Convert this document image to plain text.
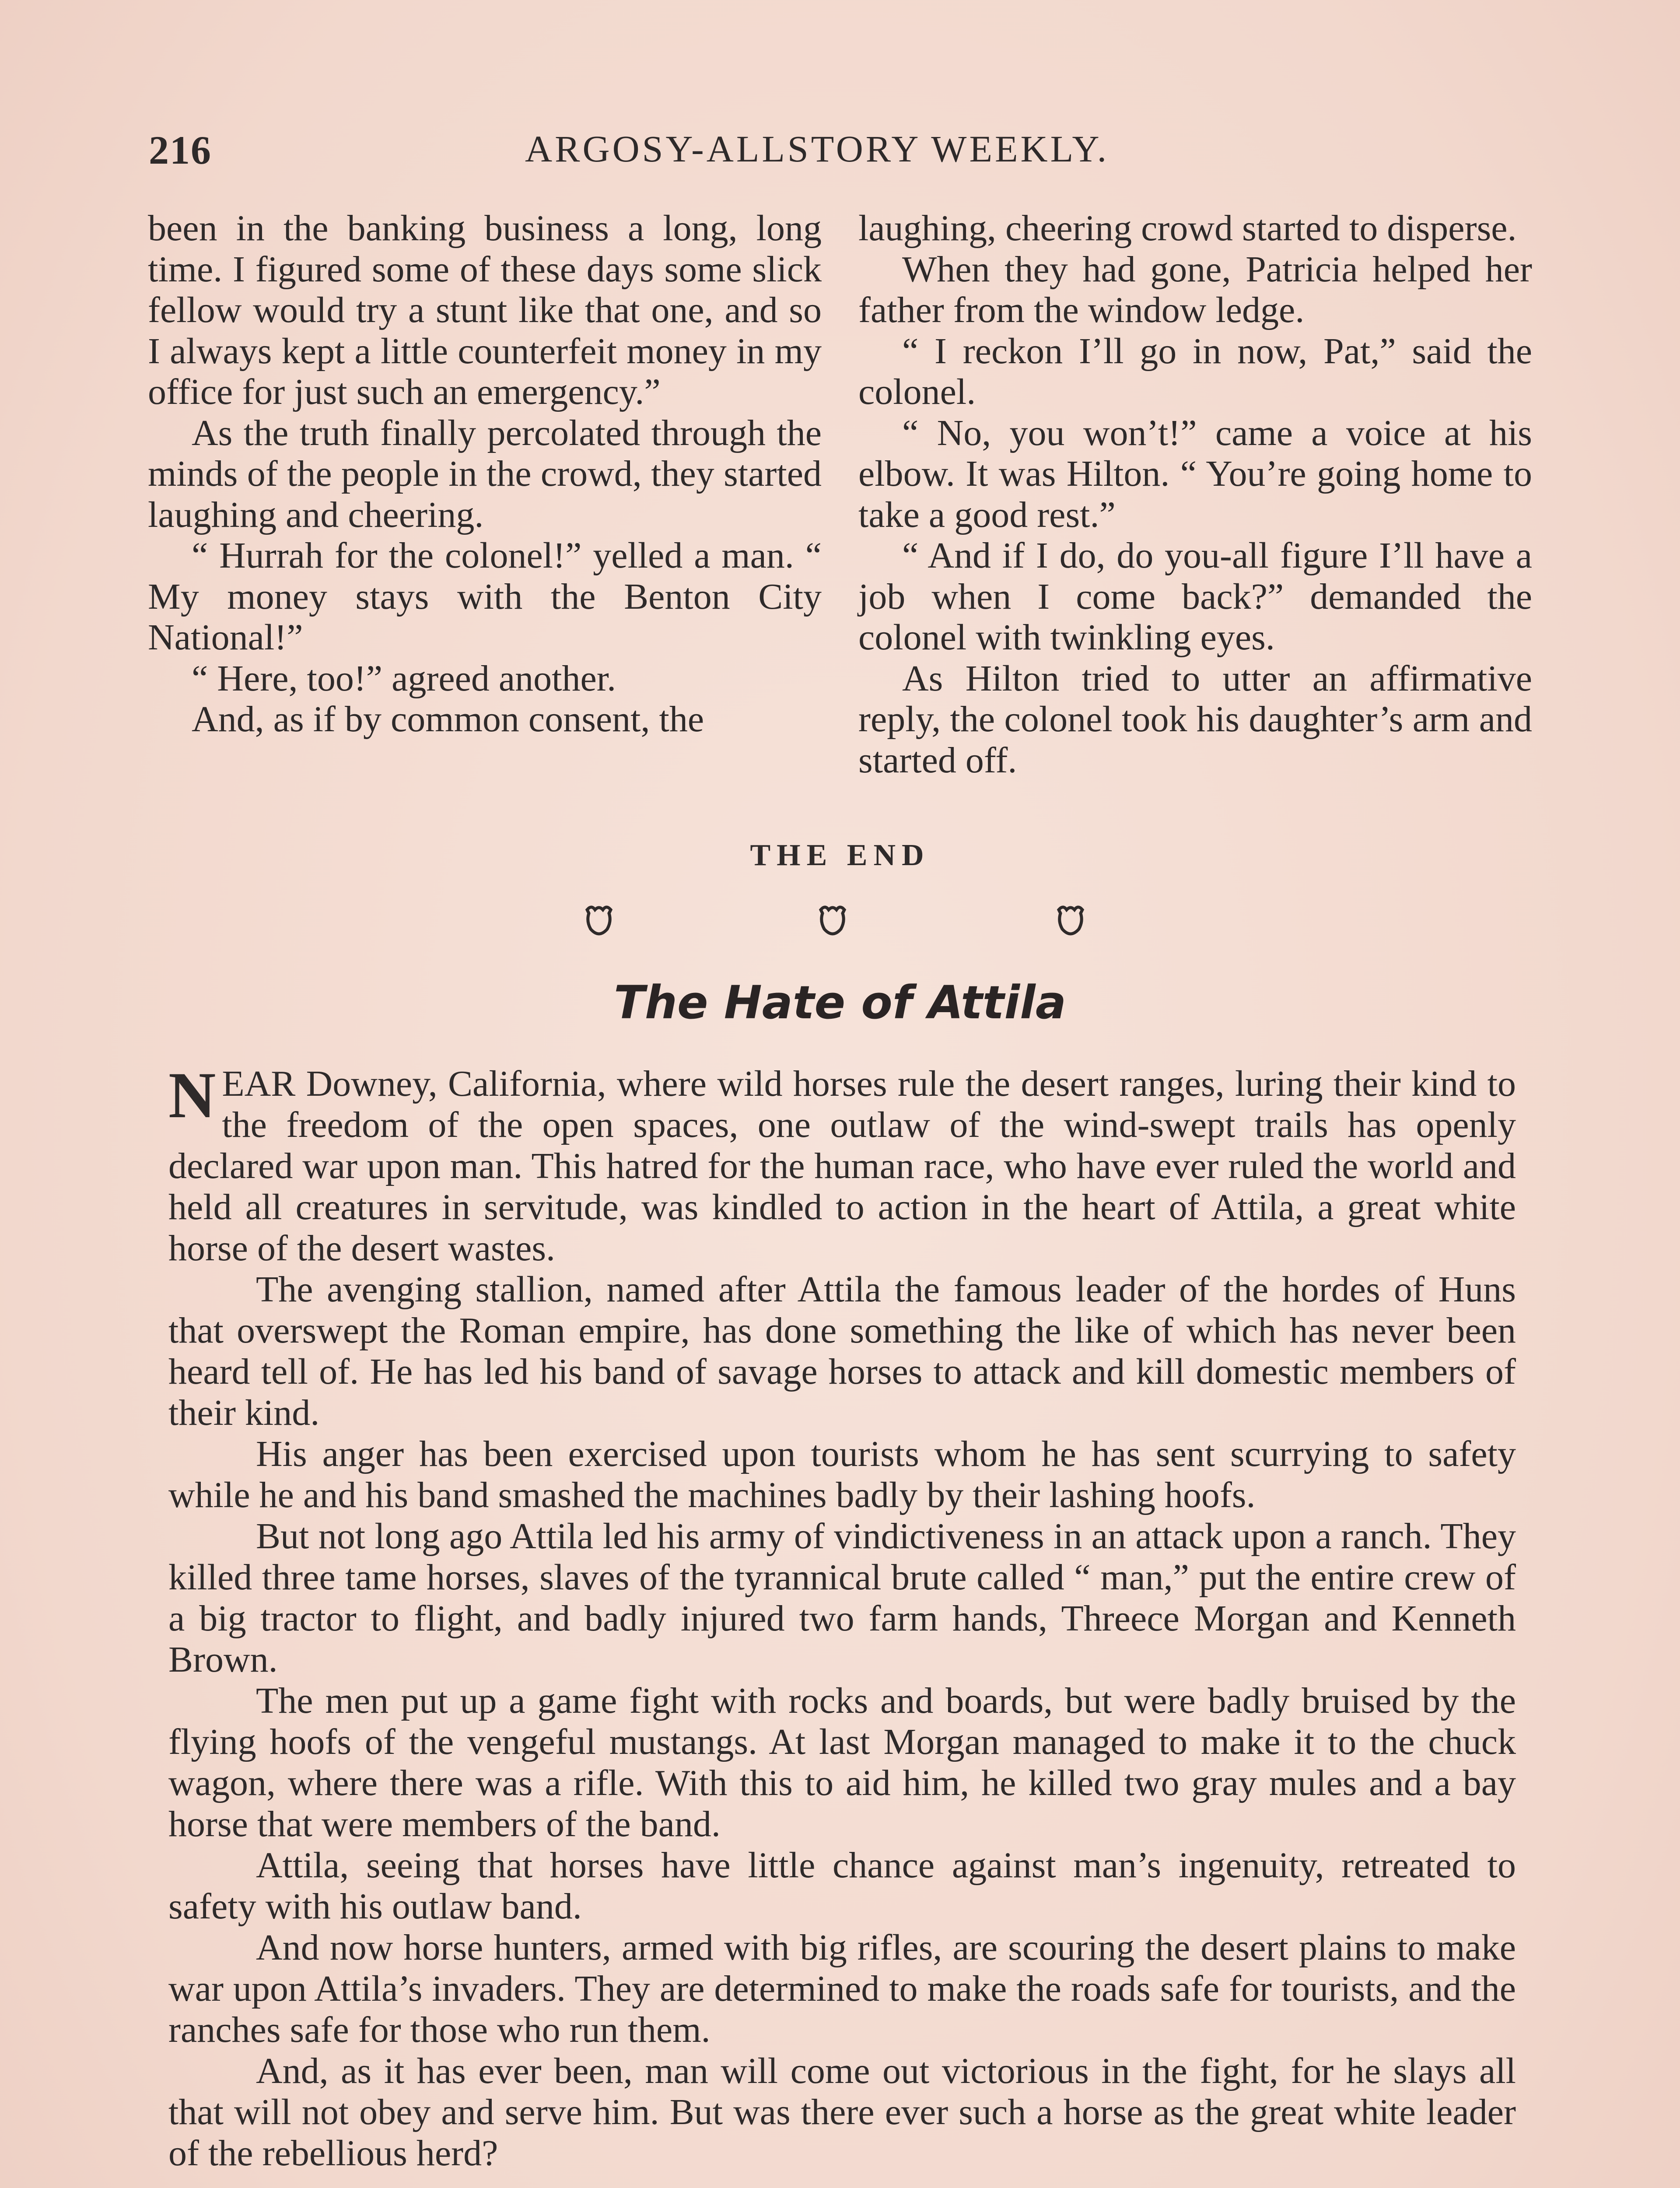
216	ARGOSY-ALLSTORY WEEKLY.

been in the banking business a long, long time. I figured some of these days some slick fellow would try a stunt like that one, and so I always kept a little counterfeit money in my office for just such an emergency.”

As the truth finally percolated through the minds of the people in the crowd, they started laughing and cheering.

“ Hurrah for the colonel!” yelled a man. “ My money stays with the Benton City National!”

“ Here, too!” agreed another.

And, as if by common consent, the

laughing, cheering crowd started to disperse.

When they had gone, Patricia helped her father from the window ledge.

“ I reckon I’ll go in now, Pat,” said the colonel.

“ No, you won’t!” came a voice at his elbow. It was Hilton. “ You’re going home to take a good rest.”

“ And if I do, do you-all figure I’ll have a job when I come back?” demanded the colonel with twinkling eyes.

As Hilton tried to utter an affirmative reply, the colonel took his daughter’s arm and started off.

THE END
The Hate of Attila

NEAR Downey, California, where wild horses rule the desert ranges, luring their kind to the freedom of the open spaces, one outlaw of the wind-swept trails has openly declared war upon man. This hatred for the human race, who have ever ruled the world and held all creatures in servitude, was kindled to action in the heart of Attila, a great white horse of the desert wastes.

The avenging stallion, named after Attila the famous leader of the hordes of Huns that overswept the Roman empire, has done something the like of which has never been heard tell of. He has led his band of savage horses to attack and kill domestic members of their kind.

His anger has been exercised upon tourists whom he has sent scurrying to safety while he and his band smashed the machines badly by their lashing hoofs.

But not long ago Attila led his army of vindictiveness in an attack upon a ranch. They killed three tame horses, slaves of the tyrannical brute called “ man,” put the entire crew of a big tractor to flight, and badly injured two farm hands, Threece Morgan and Kenneth Brown.

The men put up a game fight with rocks and boards, but were badly bruised by the flying hoofs of the vengeful mustangs. At last Morgan managed to make it to the chuck wagon, where there was a rifle. With this to aid him, he killed two gray mules and a bay horse that were members of the band.

Attila, seeing that horses have little chance against man’s ingenuity, retreated to safety with his outlaw band.

And now horse hunters, armed with big rifles, are scouring the desert plains to make war upon Attila’s invaders. They are determined to make the roads safe for tourists, and the ranches safe for those who run them.

And, as it has ever been, man will come out victorious in the fight, for he slays all that will not obey and serve him. But was there ever such a horse as the great white leader of the rebellious herd?
